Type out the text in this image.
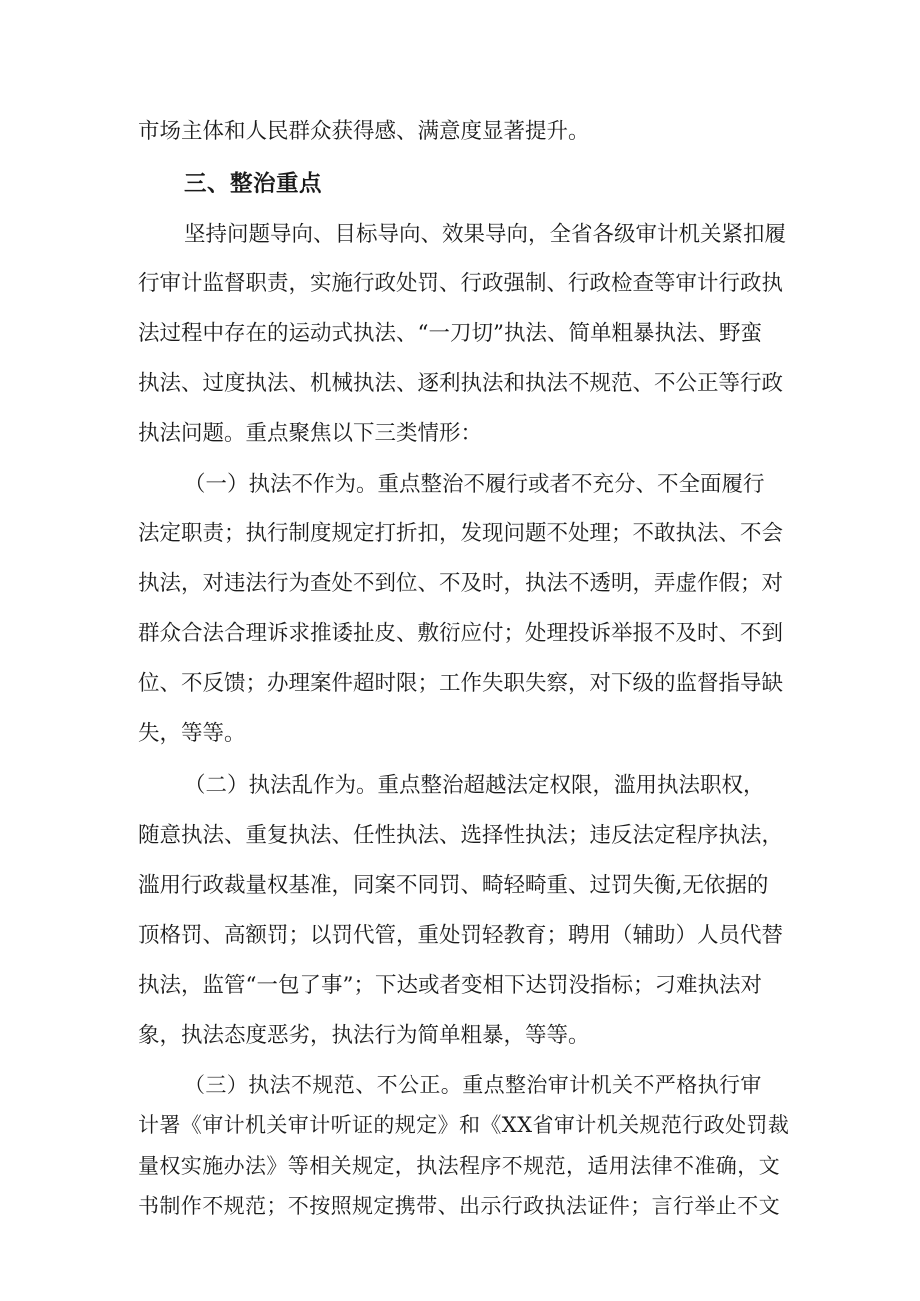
市场主体和人民群众获得感、满意度显著提升。
三、整治重点
坚持问题导向、目标导向、效果导向，全省各级审计机关紧扣履
行审计监督职责，实施行政处罚、行政强制、行政检查等审计行政执
法过程中存在的运动式执法、“一刀切”执法、简单粗暴执法、野蛮
执法、过度执法、机械执法、逐利执法和执法不规范、不公正等行政
执法问题。重点聚焦以下三类情形：
（一）执法不作为。重点整治不履行或者不充分、不全面履行
法定职责；执行制度规定打折扣，发现问题不处理；不敢执法、不会
执法，对违法行为查处不到位、不及时，执法不透明，弄虚作假；对
群众合法合理诉求推诿扯皮、敷衍应付；处理投诉举报不及时、不到
位、不反馈；办理案件超时限；工作失职失察，对下级的监督指导缺
失，等等。
（二）执法乱作为。重点整治超越法定权限，滥用执法职权，
随意执法、重复执法、任性执法、选择性执法；违反法定程序执法，
滥用行政裁量权基准，同案不同罚、畸轻畸重、过罚失衡,无依据的
顶格罚、高额罚；以罚代管，重处罚轻教育；聘用（辅助）人员代替
执法，监管“一包了事”；下达或者变相下达罚没指标；刁难执法对
象，执法态度恶劣，执法行为简单粗暴，等等。
（三）执法不规范、不公正。重点整治审计机关不严格执行审
计署《审计机关审计听证的规定》和《XX省审计机关规范行政处罚裁
量权实施办法》等相关规定，执法程序不规范，适用法律不准确，文
书制作不规范；不按照规定携带、出示行政执法证件；言行举止不文
